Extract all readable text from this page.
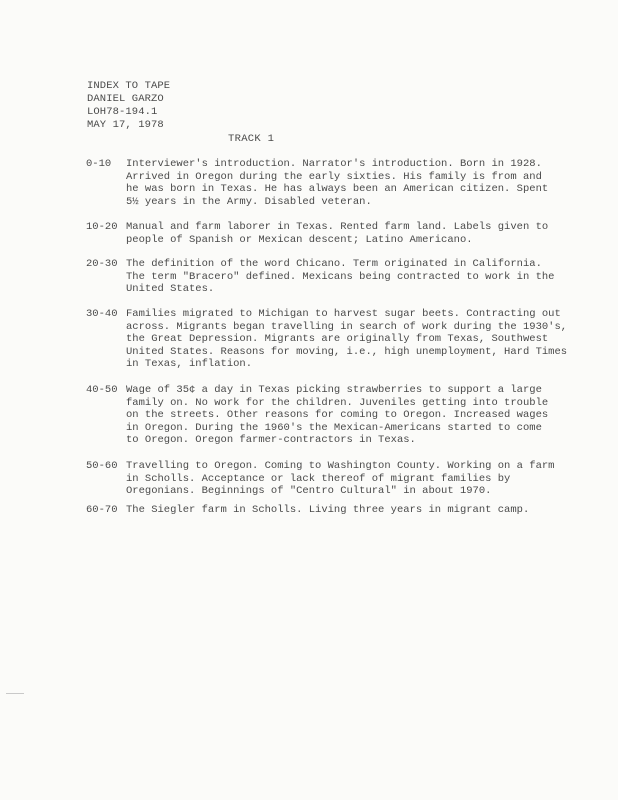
INDEX TO TAPE
DANIEL GARZO
LOH78-194.1
MAY 17, 1978
TRACK 1
0-10	Interviewer's introduction. Narrator's introduction. Born in 1928.
Arrived in Oregon during the early sixties. His family is from and
he was born in Texas. He has always been an American citizen. Spent
5½ years in the Army. Disabled veteran.
10-20 Manual and farm laborer in Texas. Rented farm land. Labels given to
people of Spanish or Mexican descent; Latino Americano.
20-30 The definition of the word Chicano. Term originated in California.
The term "Bracero" defined. Mexicans being contracted to work in the
United States.
30-40 Families migrated to Michigan to harvest sugar beets. Contracting out
across. Migrants began travelling in search of work during the 1930's,
the Great Depression. Migrants are originally from Texas, Southwest
United States. Reasons for moving, i.e., high unemployment, Hard Times
in Texas, inflation.
40-50 Wage of 35¢ a day in Texas picking strawberries to support a large
family on. No work for the children. Juveniles getting into trouble
on the streets. Other reasons for coming to Oregon. Increased wages
in Oregon. During the 1960's the Mexican-Americans started to come
to Oregon. Oregon farmer-contractors in Texas.
50-60 Travelling to Oregon. Coming to Washington County. Working on a farm
in Scholls. Acceptance or lack thereof of migrant families by
Oregonians. Beginnings of "Centro Cultural" in about 1970.
60-70 The Siegler farm in Scholls. Living three years in migrant camp.
